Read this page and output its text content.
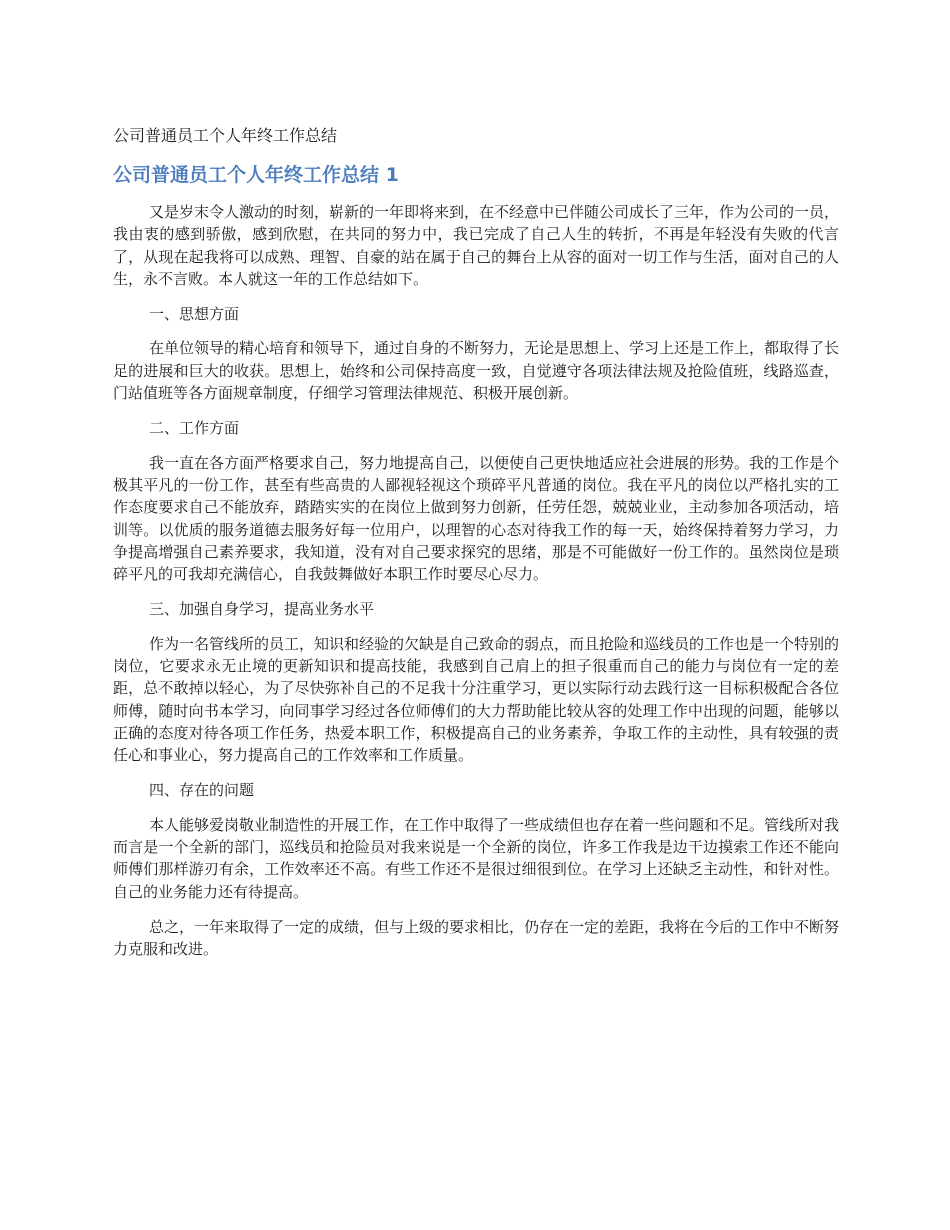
公司普通员工个人年终工作总结
公司普通员工个人年终工作总结 1

又是岁末令人激动的时刻，崭新的一年即将来到，在不经意中已伴随公司成长了三年，作为公司的一员，我由衷的感到骄傲，感到欣慰，在共同的努力中，我已完成了自己人生的转折，不再是年轻没有失败的代言了，从现在起我将可以成熟、理智、自豪的站在属于自己的舞台上从容的面对一切工作与生活，面对自己的人生，永不言败。本人就这一年的工作总结如下。

一、思想方面

在单位领导的精心培育和领导下，通过自身的不断努力，无论是思想上、学习上还是工作上，都取得了长足的进展和巨大的收获。思想上，始终和公司保持高度一致，自觉遵守各项法律法规及抢险值班，线路巡查，门站值班等各方面规章制度，仔细学习管理法律规范、积极开展创新。

二、工作方面

我一直在各方面严格要求自己，努力地提高自己，以便使自己更快地适应社会进展的形势。我的工作是个极其平凡的一份工作，甚至有些高贵的人鄙视轻视这个琐碎平凡普通的岗位。我在平凡的岗位以严格扎实的工作态度要求自己不能放弃，踏踏实实的在岗位上做到努力创新，任劳任怨，兢兢业业，主动参加各项活动，培训等。以优质的服务道德去服务好每一位用户，以理智的心态对待我工作的每一天，始终保持着努力学习，力争提高增强自己素养要求，我知道，没有对自己要求探究的思绪，那是不可能做好一份工作的。虽然岗位是琐碎平凡的可我却充满信心，自我鼓舞做好本职工作时要尽心尽力。

三、加强自身学习，提高业务水平

作为一名管线所的员工，知识和经验的欠缺是自己致命的弱点，而且抢险和巡线员的工作也是一个特别的岗位，它要求永无止境的更新知识和提高技能，我感到自己肩上的担子很重而自己的能力与岗位有一定的差距，总不敢掉以轻心，为了尽快弥补自己的不足我十分注重学习，更以实际行动去践行这一目标积极配合各位师傅，随时向书本学习，向同事学习经过各位师傅们的大力帮助能比较从容的处理工作中出现的问题，能够以正确的态度对待各项工作任务，热爱本职工作，积极提高自己的业务素养，争取工作的主动性，具有较强的责任心和事业心，努力提高自己的工作效率和工作质量。

四、存在的问题

本人能够爱岗敬业制造性的开展工作，在工作中取得了一些成绩但也存在着一些问题和不足。管线所对我而言是一个全新的部门，巡线员和抢险员对我来说是一个全新的岗位，许多工作我是边干边摸索工作还不能向师傅们那样游刃有余，工作效率还不高。有些工作还不是很过细很到位。在学习上还缺乏主动性，和针对性。自己的业务能力还有待提高。

总之，一年来取得了一定的成绩，但与上级的要求相比，仍存在一定的差距，我将在今后的工作中不断努力克服和改进。
